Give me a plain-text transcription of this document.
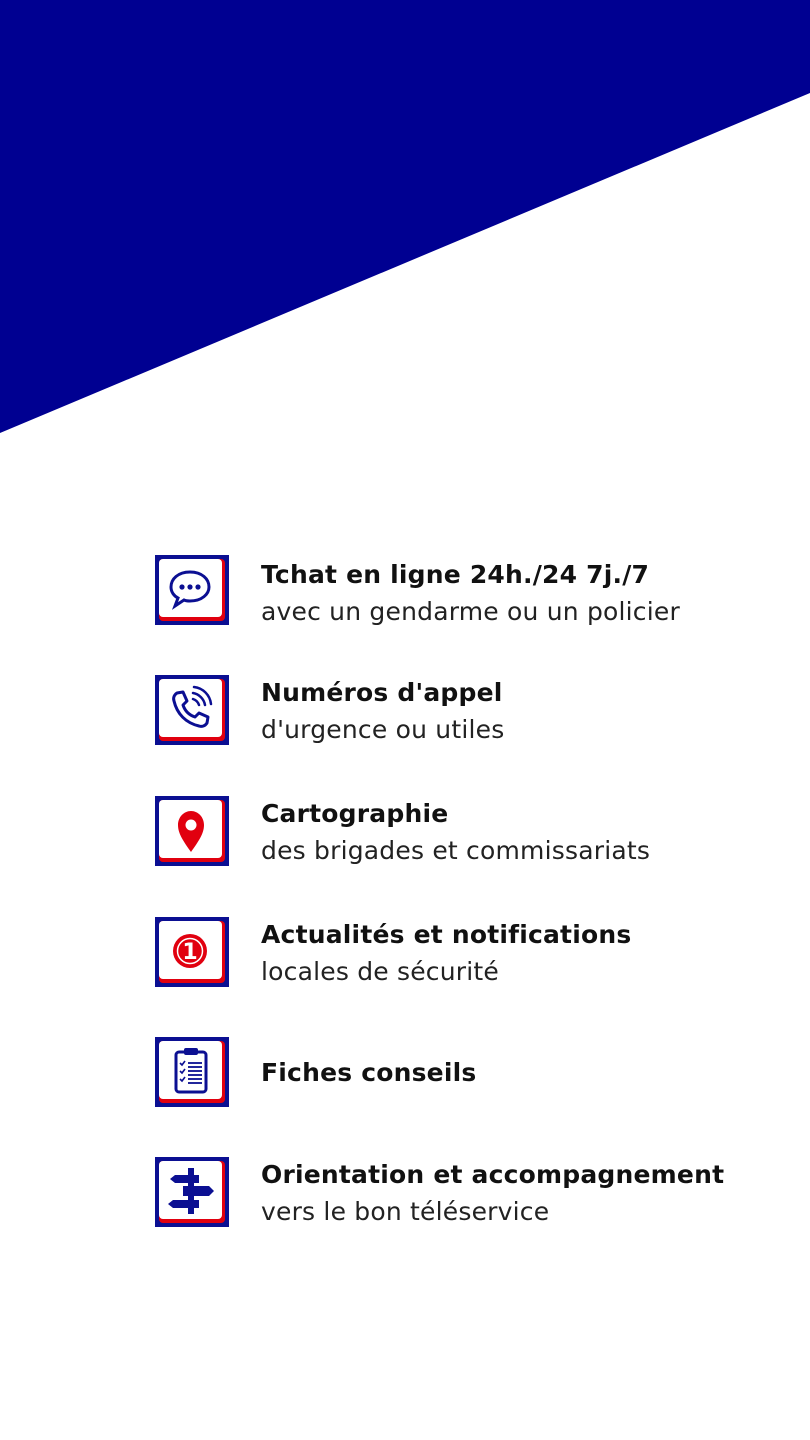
Tchat en ligne 24h./24 7j./7
avec un gendarme ou un policier
Numéros d'appel
d'urgence ou utiles
Cartographie
des brigades et commissariats
1
Actualités et notifications
locales de sécurité
Fiches conseils
Orientation et accompagnement
vers le bon téléservice
